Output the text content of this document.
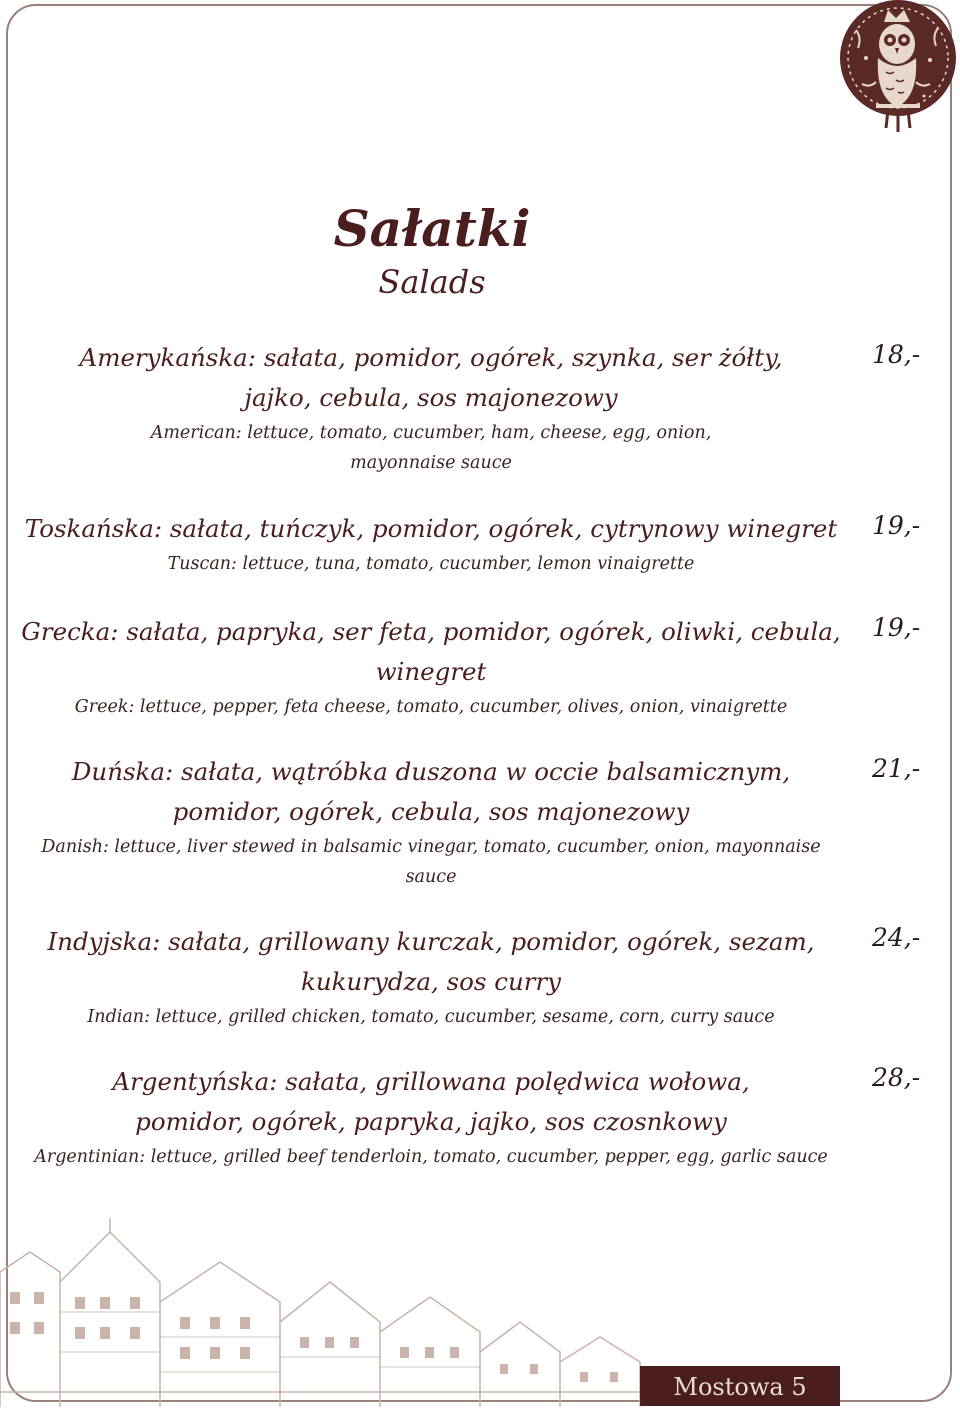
Sałatki
Salads
Amerykańska: sałata, pomidor, ogórek, szynka, ser żółty,
jajko, cebula, sos majonezowy
American: lettuce, tomato, cucumber, ham, cheese, egg, onion,
mayonnaise sauce
18,-
Toskańska: sałata, tuńczyk, pomidor, ogórek, cytrynowy winegret
Tuscan: lettuce, tuna, tomato, cucumber, lemon vinaigrette
19,-
Grecka: sałata, papryka, ser feta, pomidor, ogórek, oliwki, cebula,
winegret
Greek: lettuce, pepper, feta cheese, tomato, cucumber, olives, onion, vinaigrette
19,-
Duńska: sałata, wątróbka duszona w occie balsamicznym,
pomidor, ogórek, cebula, sos majonezowy
Danish: lettuce, liver stewed in balsamic vinegar, tomato, cucumber, onion, mayonnaise
sauce
21,-
Indyjska: sałata, grillowany kurczak, pomidor, ogórek, sezam,
kukurydza, sos curry
Indian: lettuce, grilled chicken, tomato, cucumber, sesame, corn, curry sauce
24,-
Argentyńska: sałata, grillowana polędwica wołowa,
pomidor, ogórek, papryka, jajko, sos czosnkowy
Argentinian: lettuce, grilled beef tenderloin, tomato, cucumber, pepper, egg, garlic sauce
28,-
Mostowa 5
